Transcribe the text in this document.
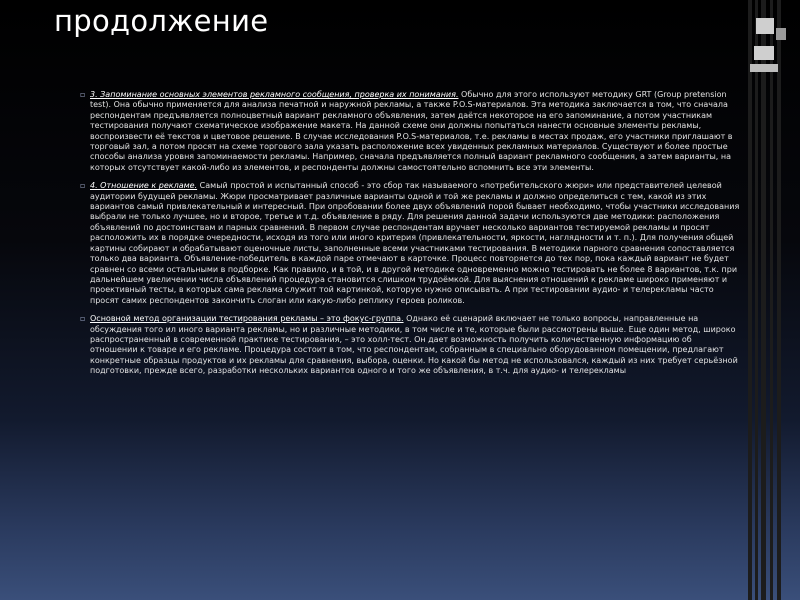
продолжение
▫ 3. Запоминание основных элементов рекламного сообщения, проверка их понимания. Обычно для этого используют методику GRT (Group pretension test). Она обычно применяется для анализа печатной и наружной рекламы, а также P.O.S-материалов. Эта методика заключается в том, что сначала респондентам предъявляется полноцветный вариант рекламного объявления, затем даётся некоторое на его запоминание, а потом участникам тестирования получают схематическое изображение макета. На данной схеме они должны попытаться нанести основные элементы рекламы, воспроизвести её текстов и цветовое решение. В случае исследования P.O.S-материалов, т.е. рекламы в местах продаж, его участники приглашают в торговый зал, а потом просят на схеме торгового зала указать расположение всех увиденных рекламных материалов. Существуют и более простые способы анализа уровня запоминаемости рекламы. Например, сначала предъявляется полный вариант рекламного сообщения, а затем варианты, на которых отсутствует какой-либо из элементов, и респонденты должны самостоятельно вспомнить все эти элементы.
▫ 4. Отношение к рекламе. Самый простой и испытанный способ - это сбор так называемого «потребительского жюри» или представителей целевой аудитории будущей рекламы. Жюри просматривает различные варианты одной и той же рекламы и должно определиться с тем, какой из этих вариантов самый привлекательный и интересный. При опробовании более двух объявлений порой бывает необходимо, чтобы участники исследования выбрали не только лучшее, но и второе, третье и т.д. объявление в ряду. Для решения данной задачи используются две методики: расположения объявлений по достоинствам и парных сравнений. В первом случае респондентам вручает несколько вариантов тестируемой рекламы и просят расположить их в порядке очередности, исходя из того или иного критерия (привлекательности, яркости, наглядности и т. п.). Для получения общей картины собирают и обрабатывают оценочные листы, заполненные всеми участниками тестирования. В методики парного сравнения сопоставляется только два варианта. Объявление-победитель в каждой паре отмечают в карточке. Процесс повторяется до тех пор, пока каждый вариант не будет сравнен со всеми остальными в подборке. Как правило, и в той, и в другой методике одновременно можно тестировать не более 8 вариантов, т.к. при дальнейшем увеличении числа объявлений процедура становится слишком трудоёмкой. Для выяснения отношений к рекламе широко применяют и проективный тесты, в которых сама реклама служит той картинкой, которую нужно описывать. А при тестировании аудио- и телерекламы часто просят самих респондентов закончить слоган или какую-либо реплику героев роликов.
▫ Основной метод организации тестирования рекламы – это фокус-группа. Однако её сценарий включает не только вопросы, направленные на обсуждения того ил иного варианта рекламы, но и различные методики, в том числе и те, которые были рассмотрены выше. Еще один метод, широко распространенный в современной практике тестирования, – это холл-тест. Он дает возможность получить количественную информацию об отношении к товаре и его рекламе. Процедура состоит в том, что респондентам, собранным в специально оборудованном помещении, предлагают конкретные образцы продуктов и их рекламы для сравнения, выбора, оценки. Но какой бы метод не использовался, каждый из них требует серьёзной подготовки, прежде всего, разработки нескольких вариантов одного и того же объявления, в т.ч. для аудио- и телерекламы
